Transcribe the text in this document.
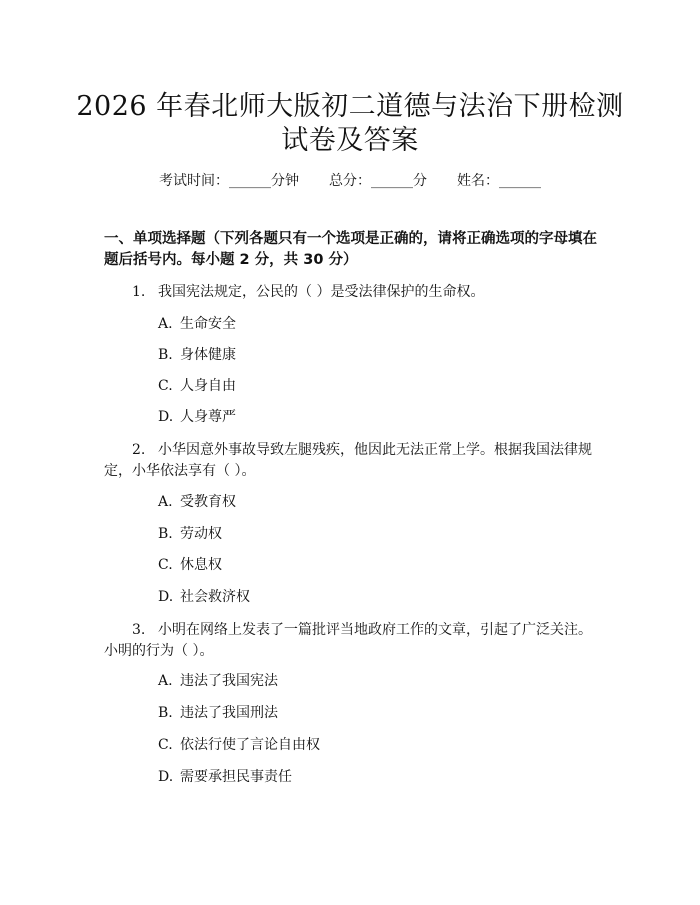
2026 年春北师大版初二道德与法治下册检测
试卷及答案
考试时间：______分钟 总分：______分 姓名：______
一、单项选择题（下列各题只有一个选项是正确的，请将正确选项的字母填在题后括号内。每小题 2 分，共 30 分）
1. 我国宪法规定，公民的（ ）是受法律保护的生命权。
A. 生命安全
B. 身体健康
C. 人身自由
D. 人身尊严
2. 小华因意外事故导致左腿残疾，他因此无法正常上学。根据我国法律规定，小华依法享有（ ）。
A. 受教育权
B. 劳动权
C. 休息权
D. 社会救济权
3. 小明在网络上发表了一篇批评当地政府工作的文章，引起了广泛关注。小明的行为（ ）。
A. 违法了我国宪法
B. 违法了我国刑法
C. 依法行使了言论自由权
D. 需要承担民事责任
